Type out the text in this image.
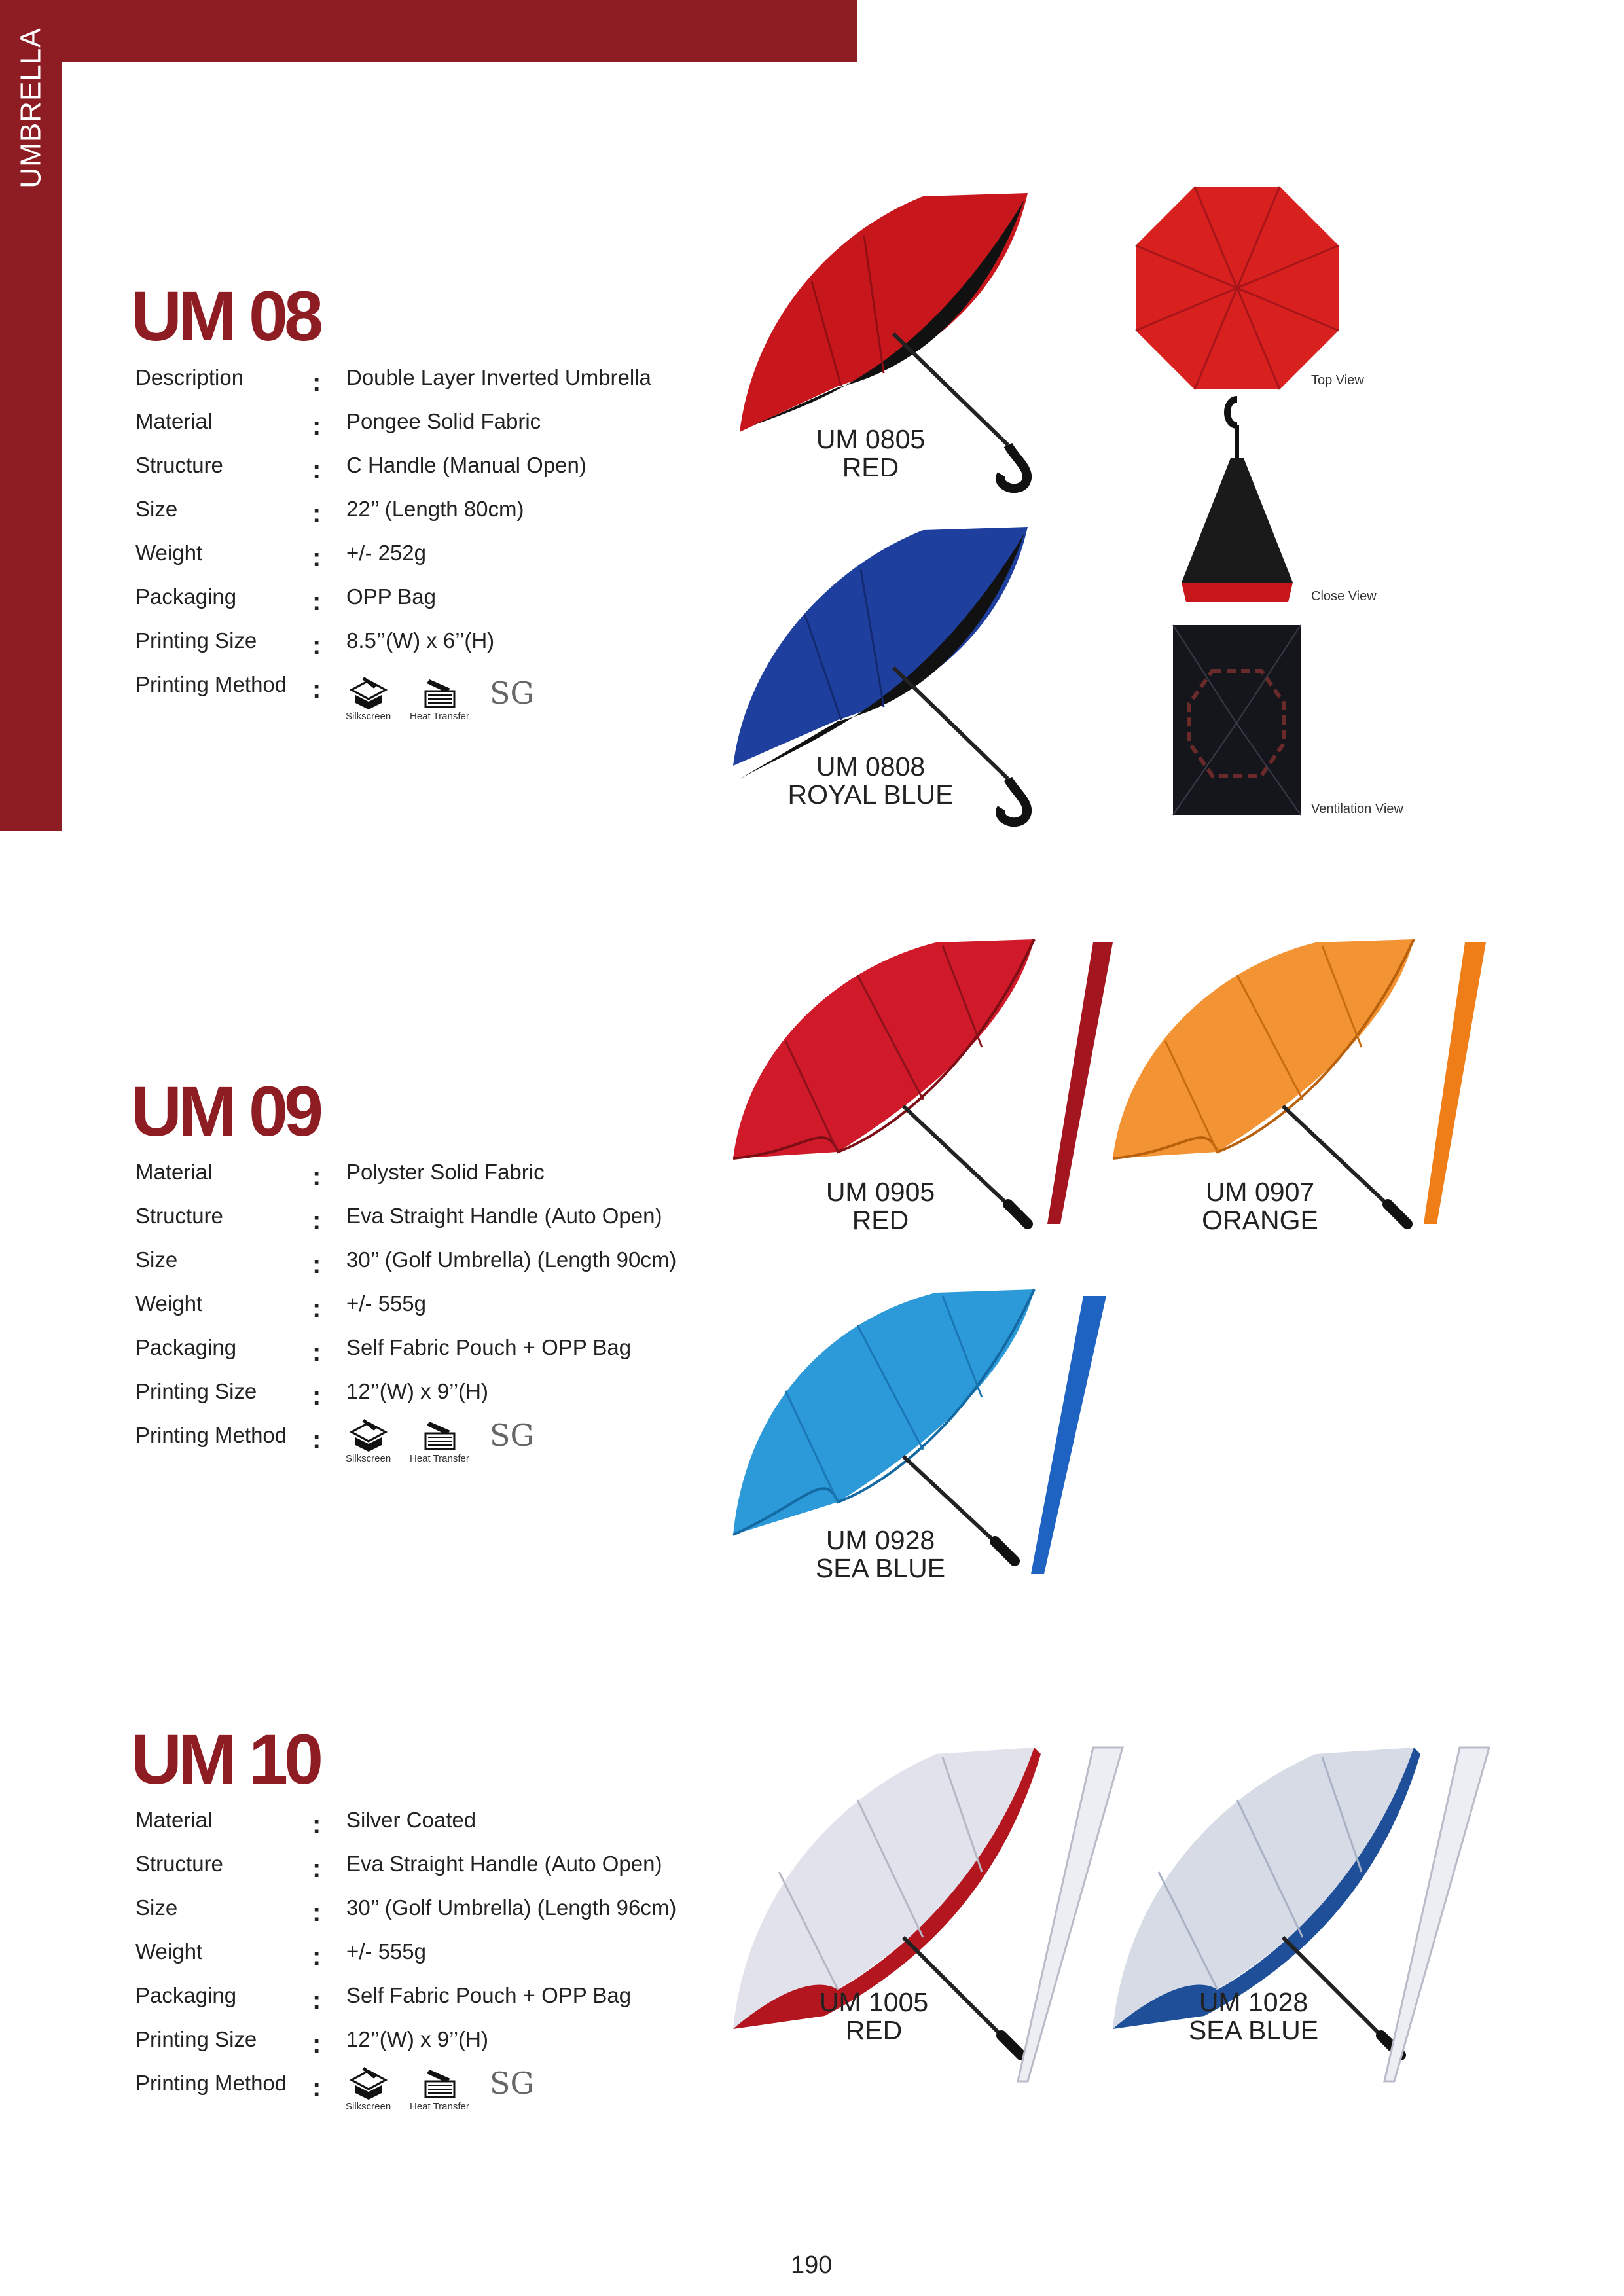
UMBRELLA
UM 08
Description	: Double Layer Inverted Umbrella
Material	: Pongee Solid Fabric
Structure	: C Handle (Manual Open)
Size	: 22’’ (Length 80cm)
Weight	: +/- 252g
Packaging	: OPP Bag
Printing Size : 8.5’’(W) x 6’’(H)
Printing Method :
Silkscreen Heat Transfer
SG
UM 0805
RED
UM 0808
ROYAL BLUE
Top View
Close View
Ventilation View
UM 09
Material	: Polyster Solid Fabric
Structure	: Eva Straight Handle (Auto Open)
Size	: 30’’ (Golf Umbrella) (Length 90cm)
Weight	: +/- 555g
Packaging	: Self Fabric Pouch + OPP Bag
Printing Size : 12’’(W) x 9’’(H)
Printing Method :
Silkscreen Heat Transfer
SG
UM 0905
RED
UM 0907
ORANGE
UM 0928
SEA BLUE
UM 10
Material	: Silver Coated
Structure	: Eva Straight Handle (Auto Open)
Size	: 30’’ (Golf Umbrella) (Length 96cm)
Weight	: +/- 555g
Packaging	: Self Fabric Pouch + OPP Bag
Printing Size : 12’’(W) x 9’’(H)
Printing Method :
Silkscreen Heat Transfer
SG
UM 1005
RED
UM 1028
SEA BLUE
190
